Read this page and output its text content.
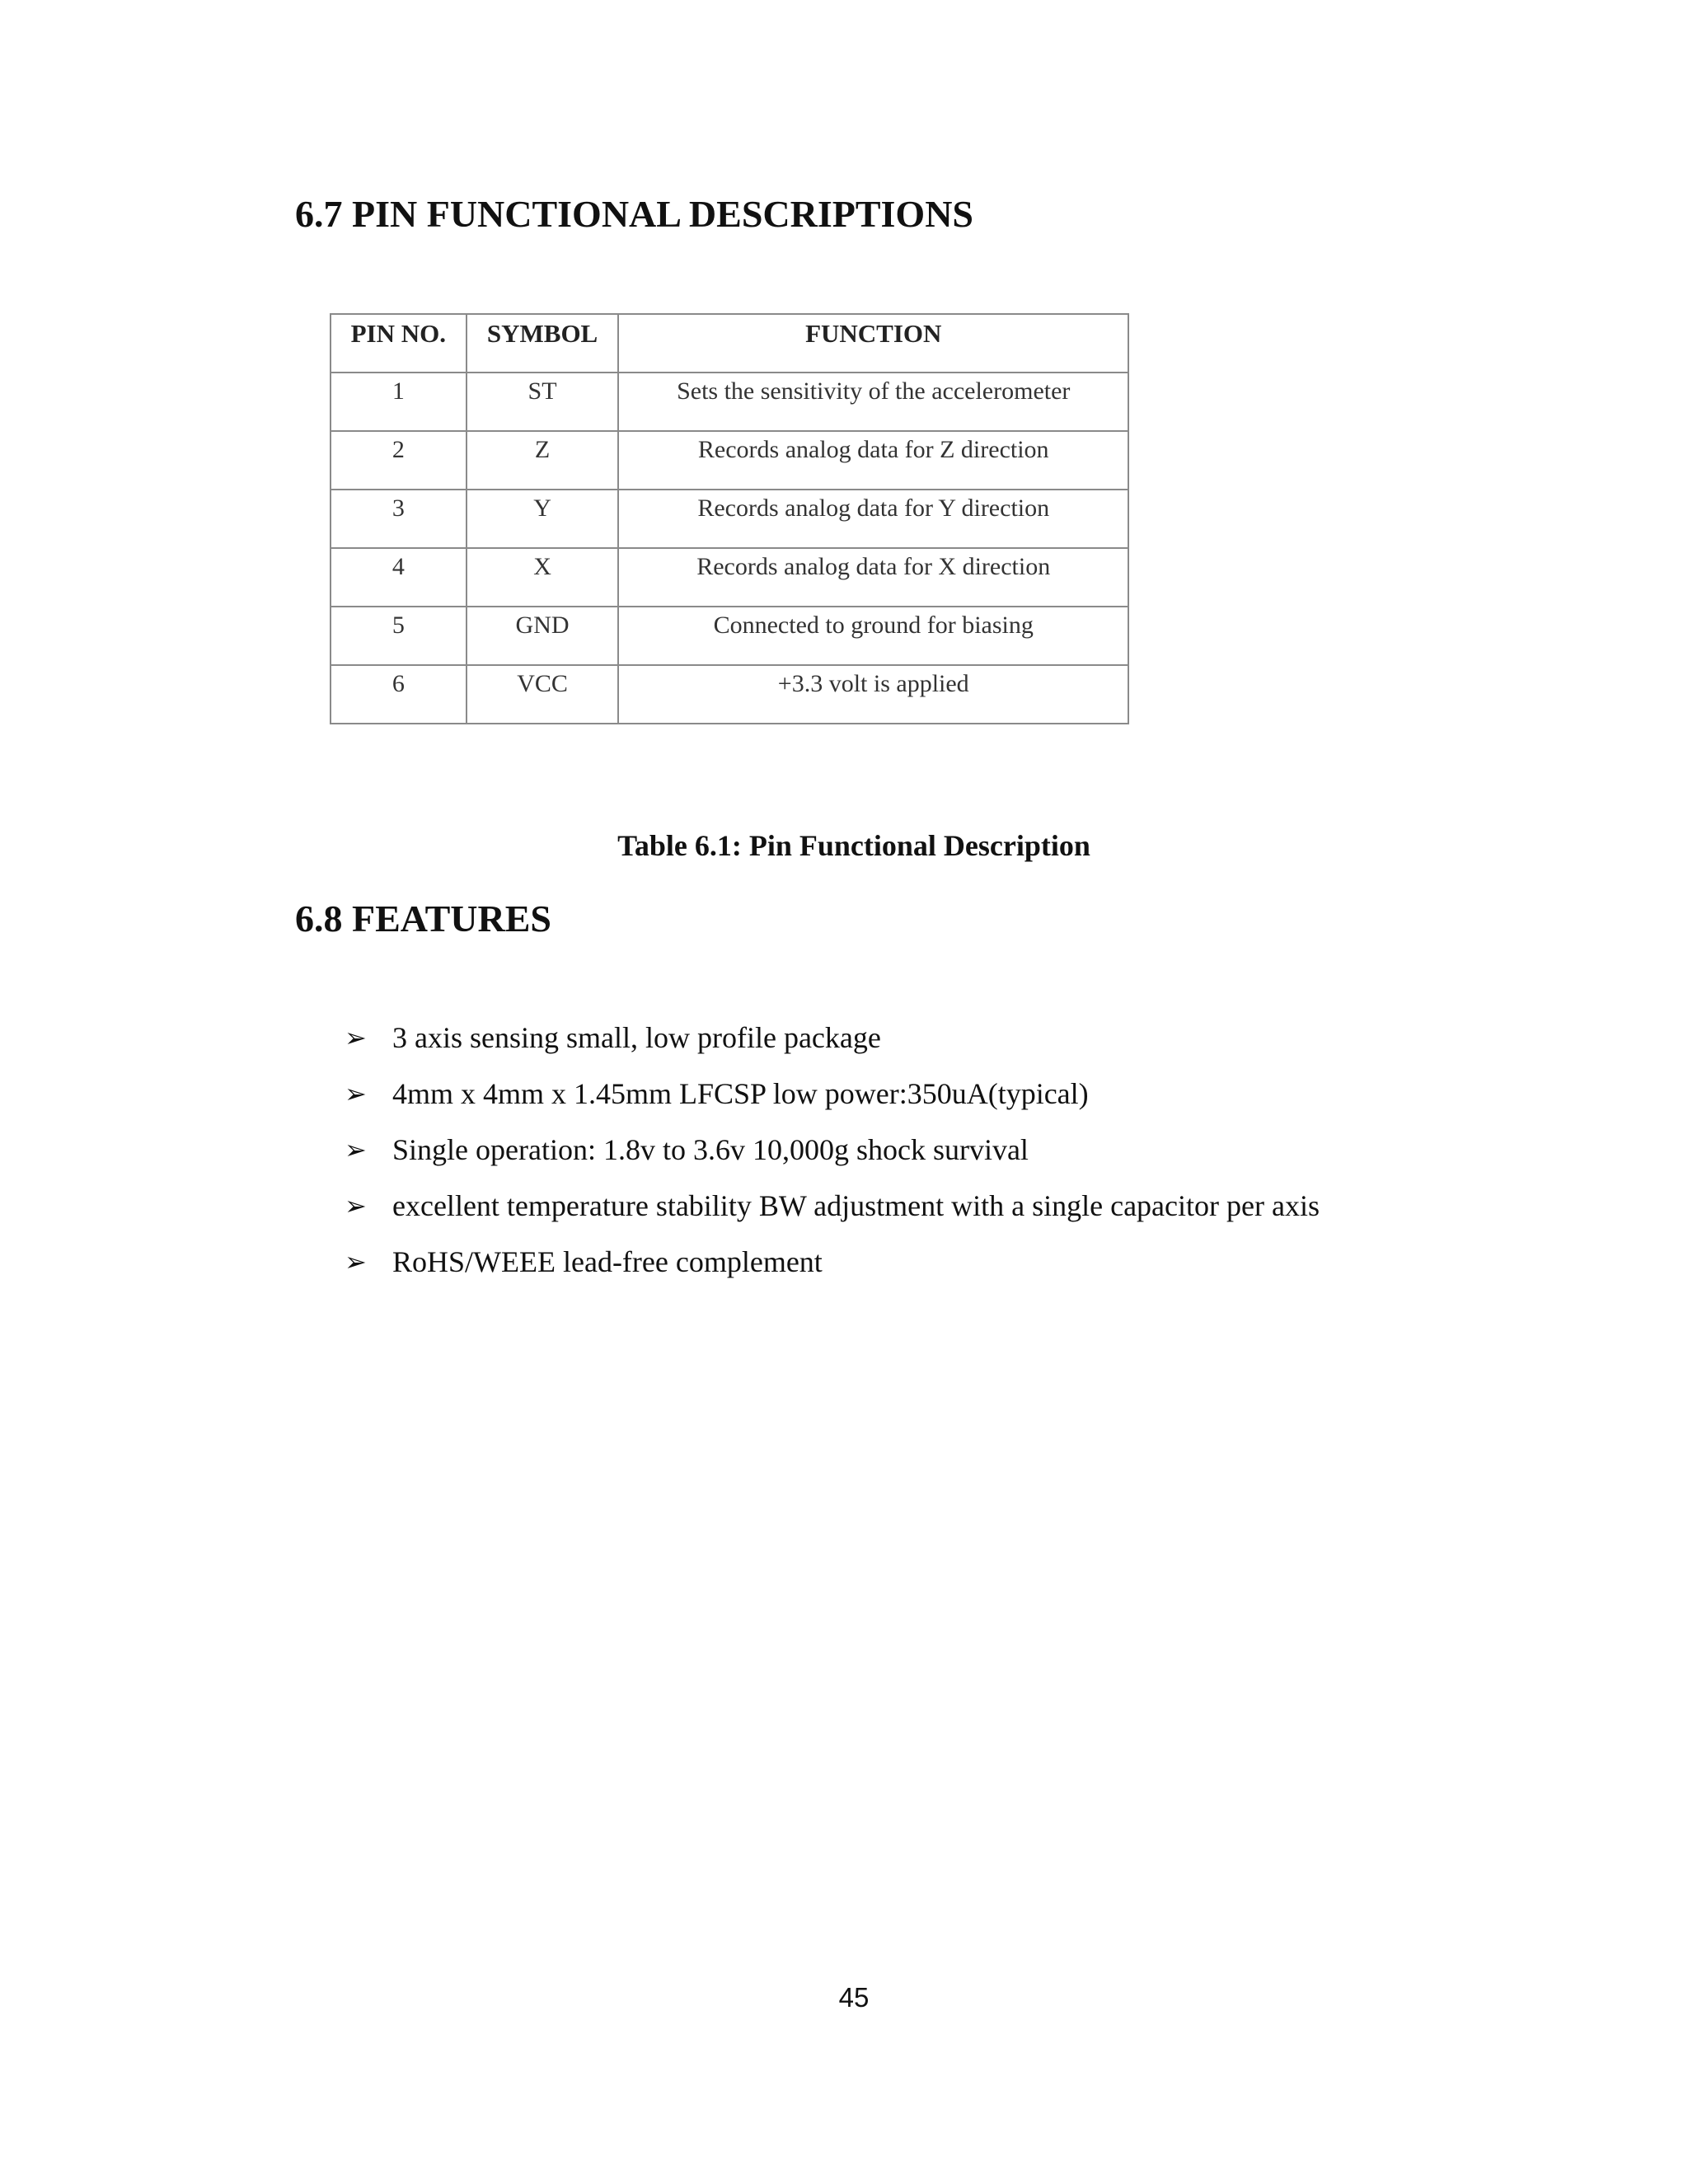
6.7 PIN FUNCTIONAL DESCRIPTIONS
PIN NO.	SYMBOL	FUNCTION
1	ST	Sets the sensitivity of the accelerometer
2	Z	Records analog data for Z direction
3	Y	Records analog data for Y direction
4	X	Records analog data for X direction
5	GND	Connected to ground for biasing
6	VCC	+3.3 volt is applied
Table 6.1: Pin Functional Description
6.8 FEATURES
➢ 3 axis sensing small, low profile package
➢ 4mm x 4mm x 1.45mm LFCSP low power:350uA(typical)
➢ Single operation: 1.8v to 3.6v 10,000g shock survival
➢ excellent temperature stability BW adjustment with a single capacitor per axis
➢ RoHS/WEEE lead-free complement
45
